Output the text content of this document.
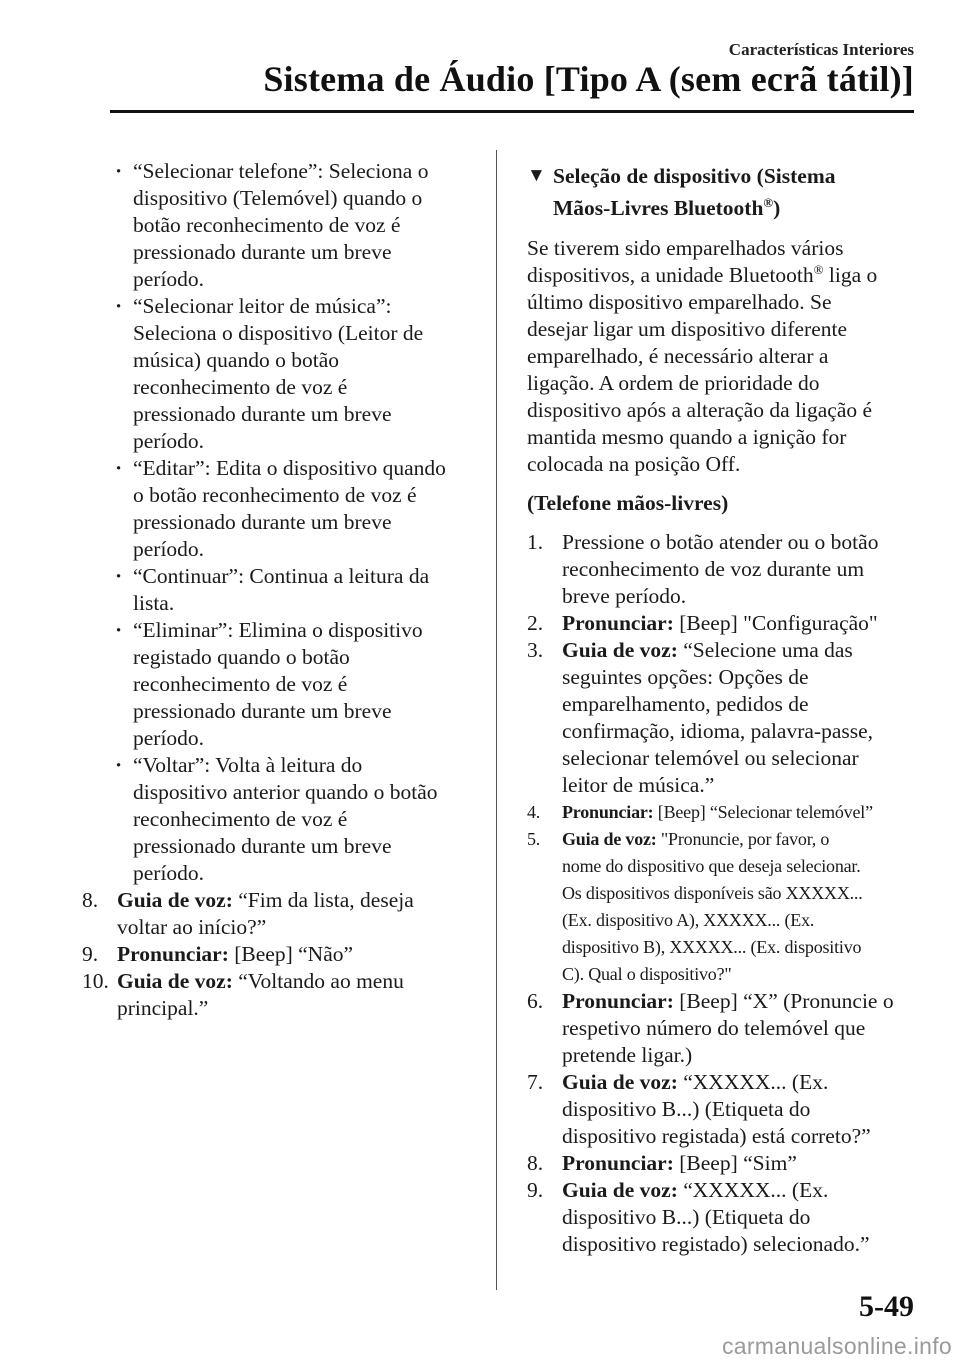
Características Interiores
Sistema de Áudio [Tipo A (sem ecrã tátil)]
· “Selecionar telefone”: Seleciona o
dispositivo (Telemóvel) quando o
botão reconhecimento de voz é
pressionado durante um breve
período.
· “Selecionar leitor de música”:
Seleciona o dispositivo (Leitor de
música) quando o botão
reconhecimento de voz é
pressionado durante um breve
período.
· “Editar”: Edita o dispositivo quando
o botão reconhecimento de voz é
pressionado durante um breve
período.
· “Continuar”: Continua a leitura da
lista.
· “Eliminar”: Elimina o dispositivo
registado quando o botão
reconhecimento de voz é
pressionado durante um breve
período.
· “Voltar”: Volta à leitura do
dispositivo anterior quando o botão
reconhecimento de voz é
pressionado durante um breve
período.
8. Guia de voz: “Fim da lista, deseja
voltar ao início?”
9. Pronunciar: [Beep] “Não”
10. Guia de voz: “Voltando ao menu
principal.”
▼ Seleção de dispositivo (Sistema
Mãos-Livres Bluetooth®)
Se tiverem sido emparelhados vários
dispositivos, a unidade Bluetooth® liga o
último dispositivo emparelhado. Se
desejar ligar um dispositivo diferente
emparelhado, é necessário alterar a
ligação. A ordem de prioridade do
dispositivo após a alteração da ligação é
mantida mesmo quando a ignição for
colocada na posição Off.
(Telefone mãos-livres)
1. Pressione o botão atender ou o botão
reconhecimento de voz durante um
breve período.
2. Pronunciar: [Beep] "Configuração"
3. Guia de voz: “Selecione uma das
seguintes opções: Opções de
emparelhamento, pedidos de
confirmação, idioma, palavra-passe,
selecionar telemóvel ou selecionar
leitor de música.”
4. Pronunciar: [Beep] “Selecionar telemóvel”
5. Guia de voz: "Pronuncie, por favor, o
nome do dispositivo que deseja selecionar.
Os dispositivos disponíveis são XXXXX...
(Ex. dispositivo A), XXXXX... (Ex.
dispositivo B), XXXXX... (Ex. dispositivo
C). Qual o dispositivo?"
6. Pronunciar: [Beep] “X” (Pronuncie o
respetivo número do telemóvel que
pretende ligar.)
7. Guia de voz: “XXXXX... (Ex.
dispositivo B...) (Etiqueta do
dispositivo registada) está correto?”
8. Pronunciar: [Beep] “Sim”
9. Guia de voz: “XXXXX... (Ex.
dispositivo B...) (Etiqueta do
dispositivo registado) selecionado.”
5-49
carmanualsonline.info
